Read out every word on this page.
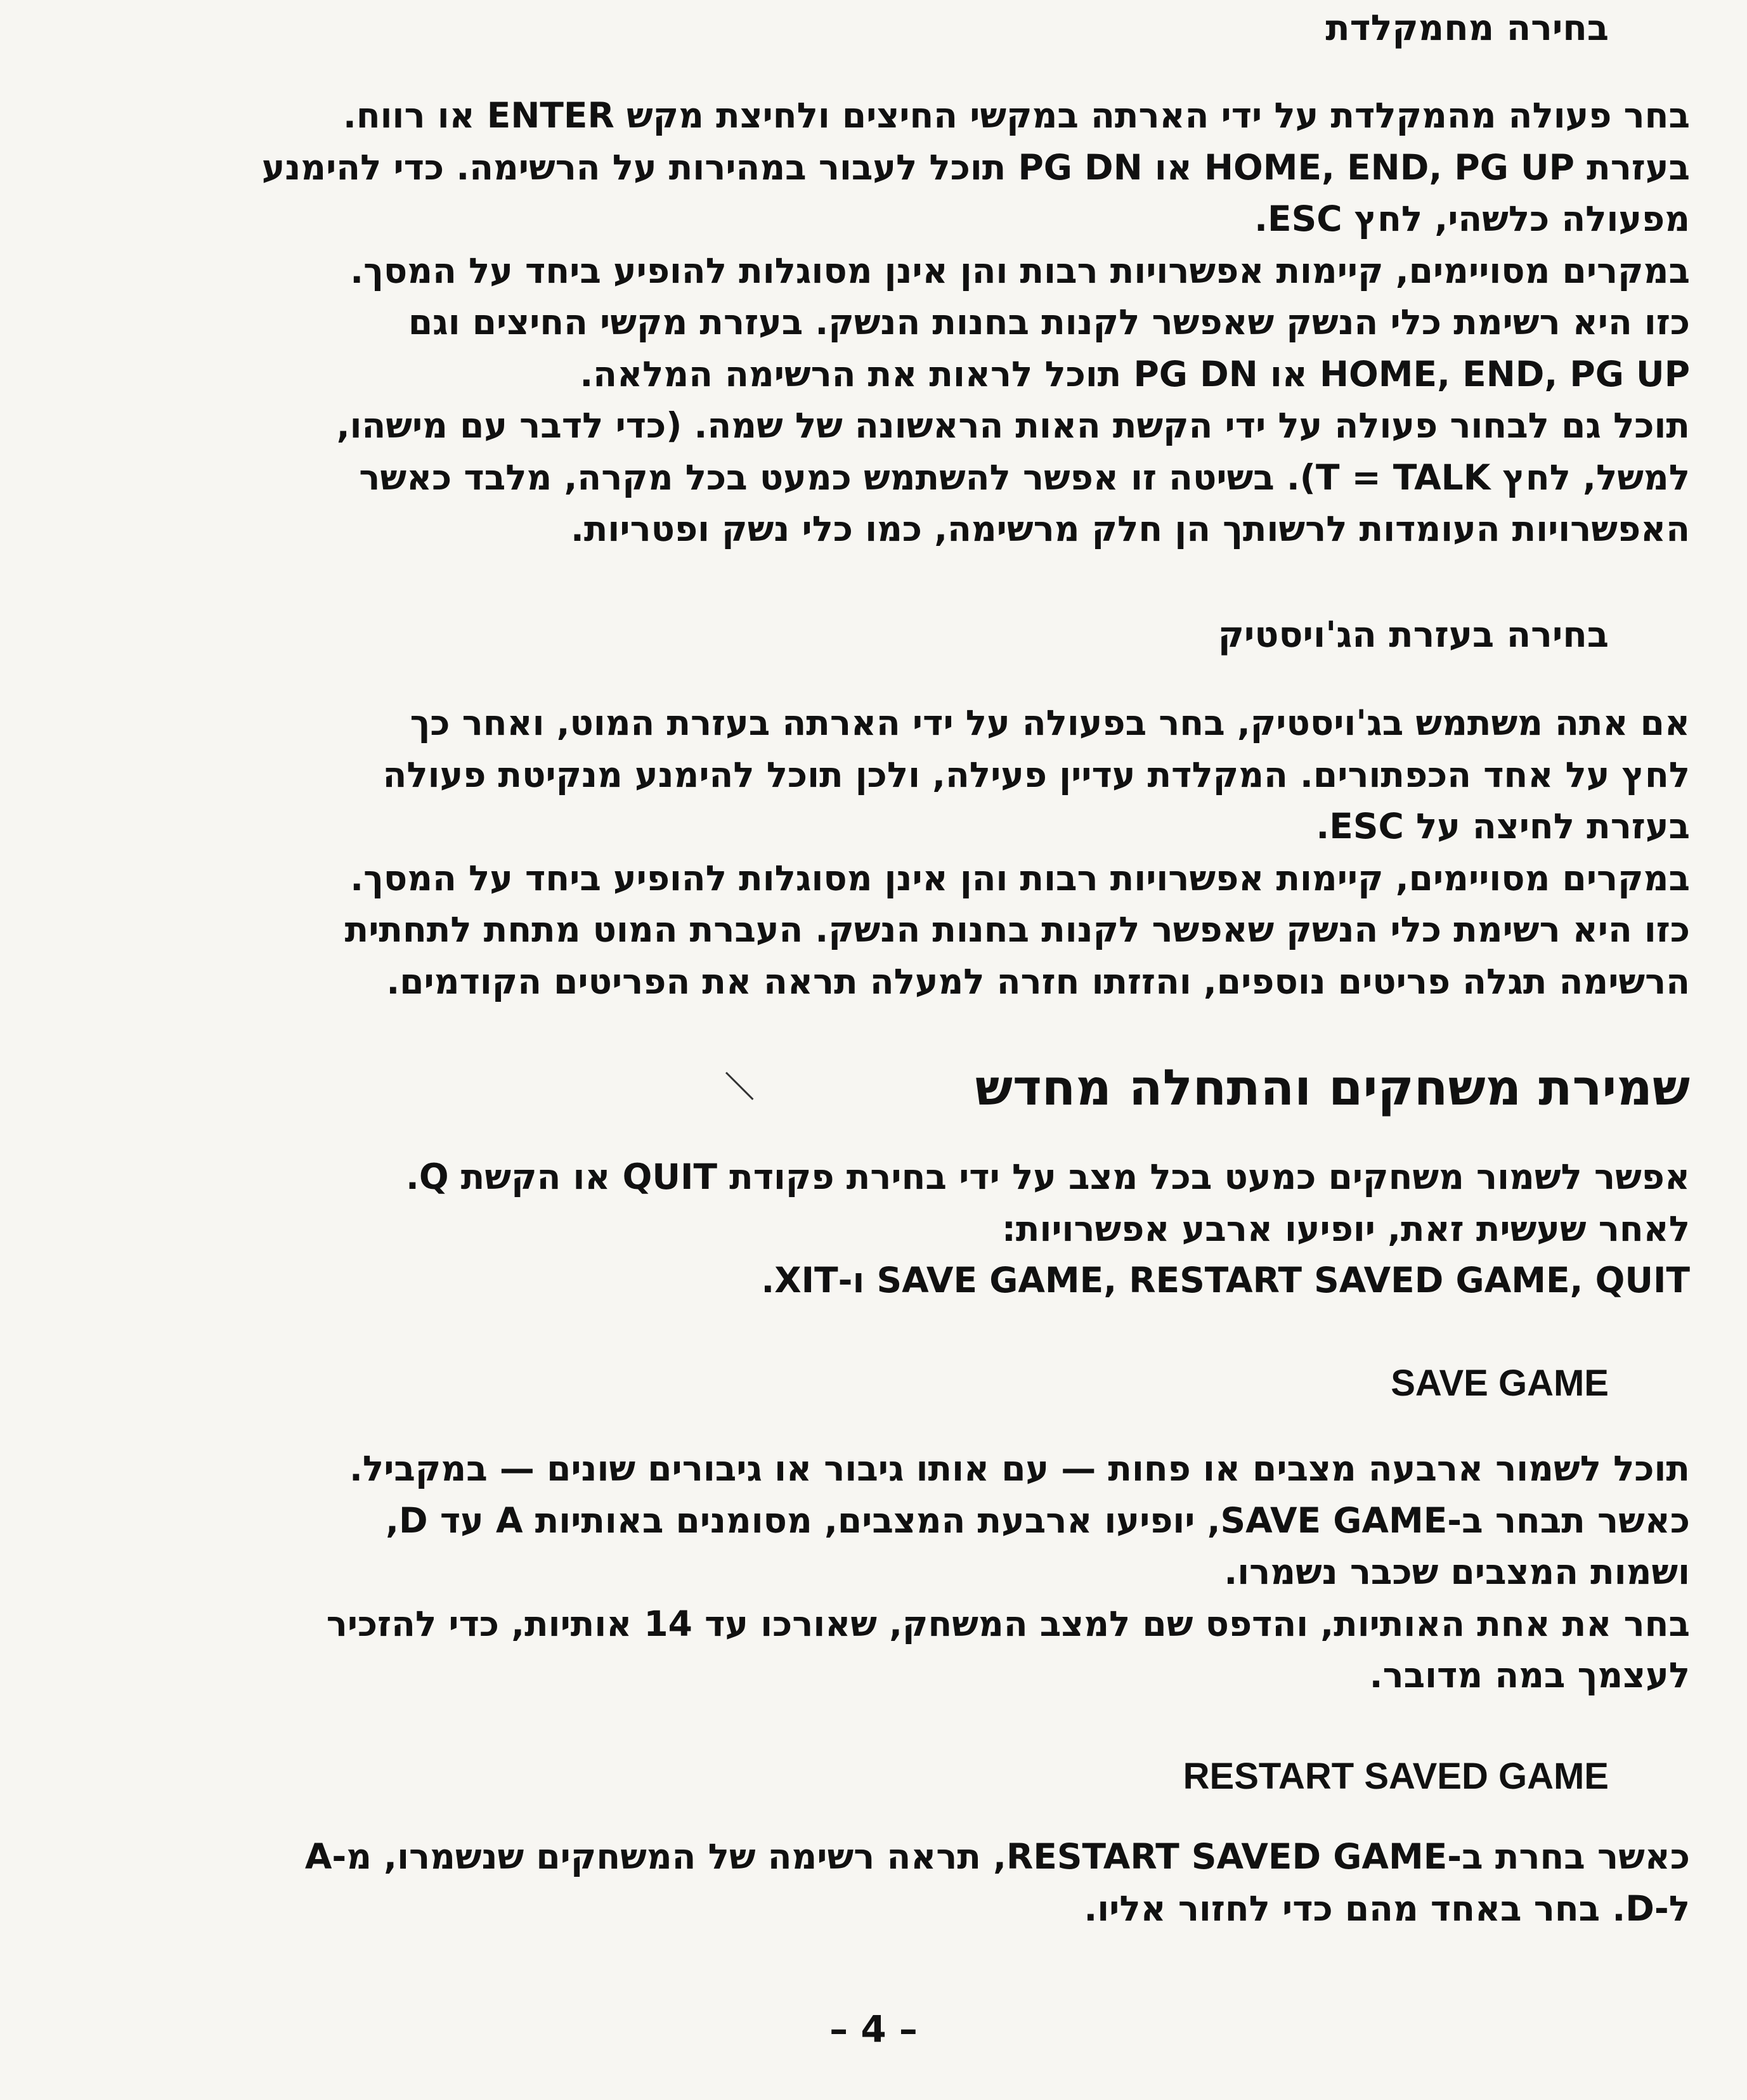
בחירה מחמקלדת

בחר פעולה מהמקלדת על ידי הארתה במקשי החיצים ולחיצת מקש ENTER או רווח.

בעזרת HOME, END, PG UP או PG DN תוכל לעבור במהירות על הרשימה. כדי להימנע

מפעולה כלשהי, לחץ ESC.

במקרים מסויימים, קיימות אפשרויות רבות והן אינן מסוגלות להופיע ביחד על המסך.

כזו היא רשימת כלי הנשק שאפשר לקנות בחנות הנשק. בעזרת מקשי החיצים וגם

HOME, END, PG UP או PG DN תוכל לראות את הרשימה המלאה.

תוכל גם לבחור פעולה על ידי הקשת האות הראשונה של שמה. (כדי לדבר עם מישהו,

למשל, לחץ T = TALK). בשיטה זו אפשר להשתמש כמעט בכל מקרה, מלבד כאשר

האפשרויות העומדות לרשותך הן חלק מרשימה, כמו כלי נשק ופטריות.

בחירה בעזרת הג'ויסטיק

אם אתה משתמש בג'ויסטיק, בחר בפעולה על ידי הארתה בעזרת המוט, ואחר כך

לחץ על אחד הכפתורים. המקלדת עדיין פעילה, ולכן תוכל להימנע מנקיטת פעולה

בעזרת לחיצה על ESC.

במקרים מסויימים, קיימות אפשרויות רבות והן אינן מסוגלות להופיע ביחד על המסך.

כזו היא רשימת כלי הנשק שאפשר לקנות בחנות הנשק. העברת המוט מתחת לתחתית

הרשימה תגלה פריטים נוספים, והזזתו חזרה למעלה תראה את הפריטים הקודמים.

שמירת משחקים והתחלה מחדש

אפשר לשמור משחקים כמעט בכל מצב על ידי בחירת פקודת QUIT או הקשת Q.

לאחר שעשית זאת, יופיעו ארבע אפשרויות:

SAVE GAME, RESTART SAVED GAME, QUIT ו-XIT.

SAVE GAME

תוכל לשמור ארבעה מצבים או פחות — עם אותו גיבור או גיבורים שונים — במקביל.

כאשר תבחר ב-SAVE GAME, יופיעו ארבעת המצבים, מסומנים באותיות A עד D,

ושמות המצבים שכבר נשמרו.

בחר את אחת האותיות, והדפס שם למצב המשחק, שאורכו עד 14 אותיות, כדי להזכיר

לעצמך במה מדובר.

RESTART SAVED GAME

כאשר בחרת ב-RESTART SAVED GAME, תראה רשימה של המשחקים שנשמרו, מ-A

ל-D. בחר באחד מהם כדי לחזור אליו.

– 4 –
